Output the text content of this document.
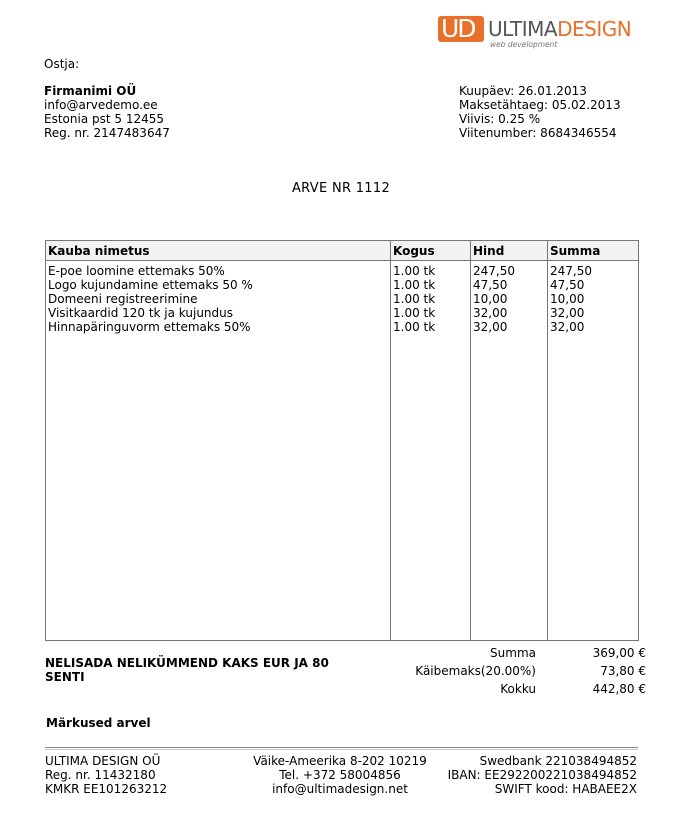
UD ULTIMADESIGN
web development
Ostja:
Firmanimi OÜ
info@arvedemo.ee
Estonia pst 5 12455
Reg. nr. 2147483647
Kuupäev: 26.01.2013
Maksetähtaeg: 05.02.2013
Viivis: 0.25 %
Viitenumber: 8684346554
ARVE NR 1112
Kauba nimetus	Kogus	Hind	Summa
E-poe loomine ettemaks 50%	1.00 tk	247,50	247,50
Logo kujundamine ettemaks 50 %	1.00 tk	47,50	47,50
Domeeni registreerimine	1.00 tk	10,00	10,00
Visitkaardid 120 tk ja kujundus	1.00 tk	32,00	32,00
Hinnapäringuvorm ettemaks 50%	1.00 tk	32,00	32,00
Summa	369,00 €
Käibemaks(20.00%)	73,80 €
Kokku	442,80 €
NELISADA NELIKÜMMEND KAKS EUR JA 80 SENTI
Märkused arvel
ULTIMA DESIGN OÜ
Reg. nr. 11432180
KMKR EE101263212
Väike-Ameerika 8-202 10219
Tel. +372 58004856
info@ultimadesign.net
Swedbank 221038494852
IBAN: EE292200221038494852
SWIFT kood: HABAEE2X
